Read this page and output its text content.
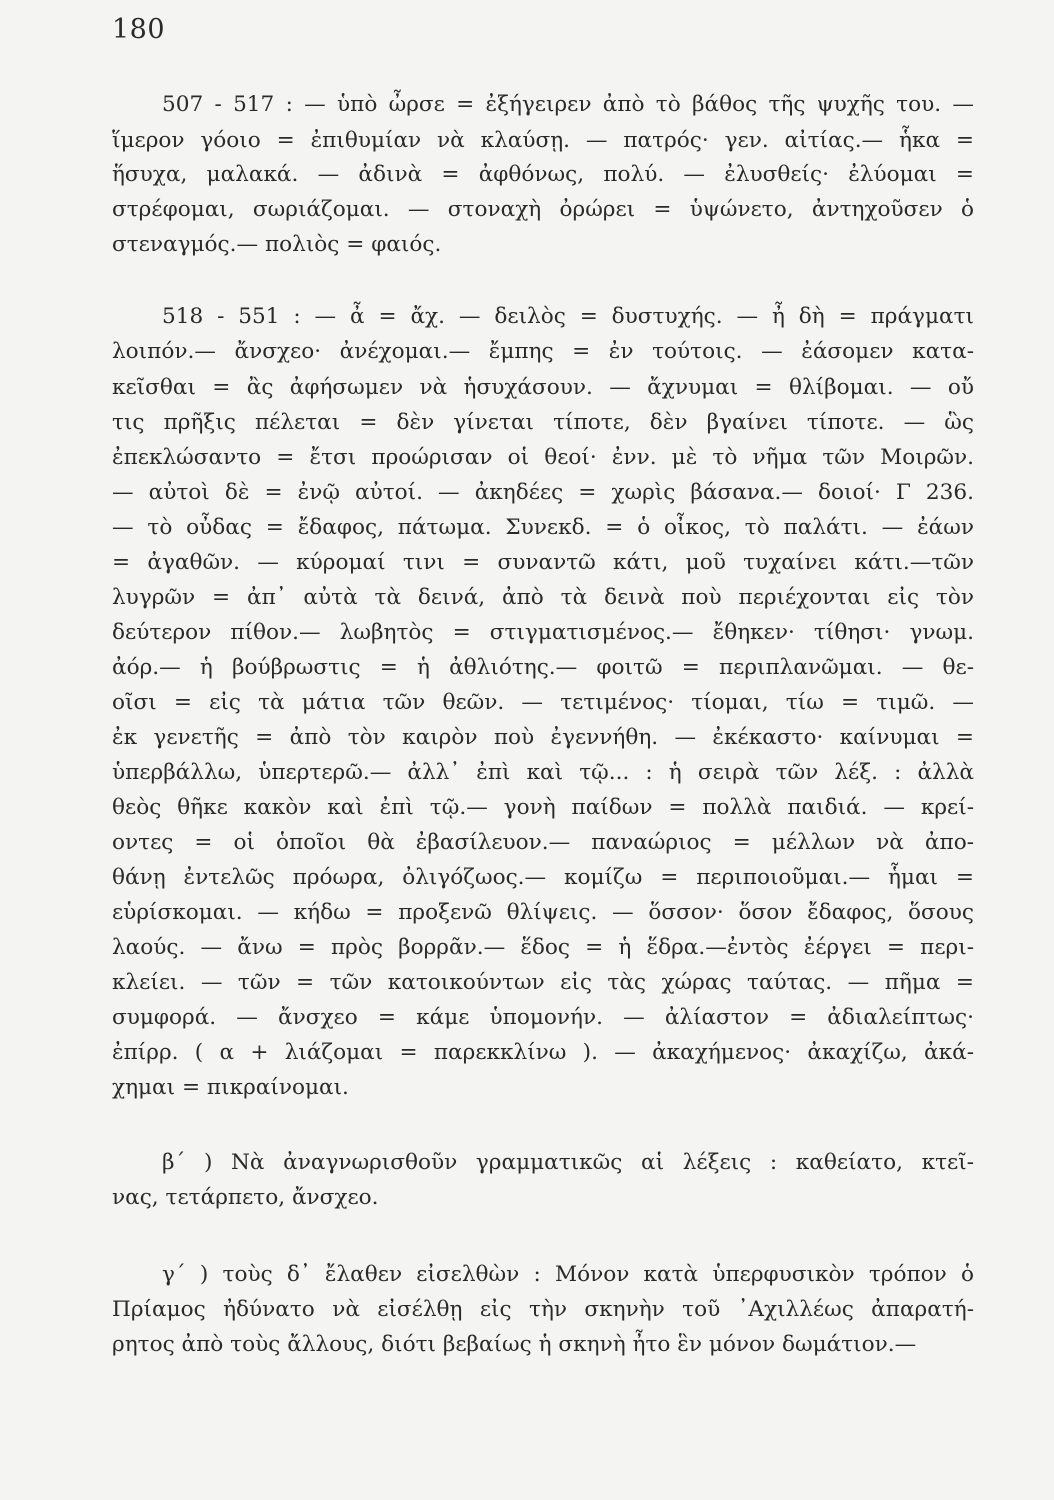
180
507 - 517 : — ὑπὸ ὦρσε = ἐξήγειρεν ἀπὸ τὸ βάθος τῆς ψυχῆς του. —
ἵμερον γόοιο = ἐπιθυμίαν νὰ κλαύσῃ. — πατρός· γεν. αἰτίας.— ἧκα =
ἥσυχα, μαλακά. — ἀδινὰ = ἀφθόνως, πολύ. — ἐλυσθείς· ἐλύομαι =
στρέφομαι, σωριάζομαι. — στοναχὴ ὀρώρει = ὑψώνετο, ἀντηχοῦσεν ὁ
στεναγμός.— πολιὸς = φαιός.
518 - 551 : — ἆ = ἄχ. — δειλὸς = δυστυχής. — ἦ δὴ = πράγματι
λοιπόν.— ἄνσχεο· ἀνέχομαι.— ἔμπης = ἐν τούτοις. — ἐάσομεν κατα-
κεῖσθαι = ἂς ἀφήσωμεν νὰ ἡσυχάσουν. — ἄχνυμαι = θλίβομαι. — οὔ
τις πρῆξις πέλεται = δὲν γίνεται τίποτε, δὲν βγαίνει τίποτε. — ὣς
ἐπεκλώσαντο = ἔτσι προώρισαν οἱ θεοί· ἐνν. μὲ τὸ νῆμα τῶν Μοιρῶν.
— αὐτοὶ δὲ = ἐνῷ αὐτοί. — ἀκηδέες = χωρὶς βάσανα.— δοιοί· Γ 236.
— τὸ οὖδας = ἔδαφος, πάτωμα. Συνεκδ. = ὁ οἶκος, τὸ παλάτι. — ἐάων
= ἀγαθῶν. — κύρομαί τινι = συναντῶ κάτι, μοῦ τυχαίνει κάτι.—τῶν
λυγρῶν = ἀπ᾽ αὐτὰ τὰ δεινά, ἀπὸ τὰ δεινὰ ποὺ περιέχονται εἰς τὸν
δεύτερον πίθον.— λωβητὸς = στιγματισμένος.— ἔθηκεν· τίθησι· γνωμ.
ἀόρ.— ἡ βούβρωστις = ἡ ἀθλιότης.— φοιτῶ = περιπλανῶμαι. — θε-
οῖσι = εἰς τὰ μάτια τῶν θεῶν. — τετιμένος· τίομαι, τίω = τιμῶ. —
ἐκ γενετῆς = ἀπὸ τὸν καιρὸν ποὺ ἐγεννήθη. — ἐκέκαστο· καίνυμαι =
ὑπερβάλλω, ὑπερτερῶ.— ἀλλ᾽ ἐπὶ καὶ τῷ... : ἡ σειρὰ τῶν λέξ. : ἀλλὰ
θεὸς θῆκε κακὸν καὶ ἐπὶ τῷ.— γονὴ παίδων = πολλὰ παιδιά. — κρεί-
οντες = οἱ ὁποῖοι θὰ ἐβασίλευον.— παναώριος = μέλλων νὰ ἀπο-
θάνῃ ἐντελῶς πρόωρα, ὀλιγόζωος.— κομίζω = περιποιοῦμαι.— ἧμαι =
εὑρίσκομαι. — κήδω = προξενῶ θλίψεις. — ὅσσον· ὅσον ἔδαφος, ὅσους
λαούς. — ἄνω = πρὸς βορρᾶν.— ἕδος = ἡ ἕδρα.—ἐντὸς ἐέργει = περι-
κλείει. — τῶν = τῶν κατοικούντων εἰς τὰς χώρας ταύτας. — πῆμα =
συμφορά. — ἄνσχεο = κάμε ὑπομονήν. — ἀλίαστον = ἀδιαλείπτως·
ἐπίρρ. ( α + λιάζομαι = παρεκκλίνω ). — ἀκαχήμενος· ἀκαχίζω, ἀκά-
χημαι = πικραίνομαι.
β΄ ) Νὰ ἀναγνωρισθοῦν γραμματικῶς αἱ λέξεις : καθείατο, κτεῖ-
νας, τετάρπετο, ἄνσχεο.
γ΄ ) τοὺς δ᾽ ἔλαθεν εἰσελθὼν : Μόνον κατὰ ὑπερφυσικὸν τρόπον ὁ
Πρίαμος ἠδύνατο νὰ εἰσέλθῃ εἰς τὴν σκηνὴν τοῦ ᾽Αχιλλέως ἀπαρατή-
ρητος ἀπὸ τοὺς ἄλλους, διότι βεβαίως ἡ σκηνὴ ἦτο ἓν μόνον δωμάτιον.—
